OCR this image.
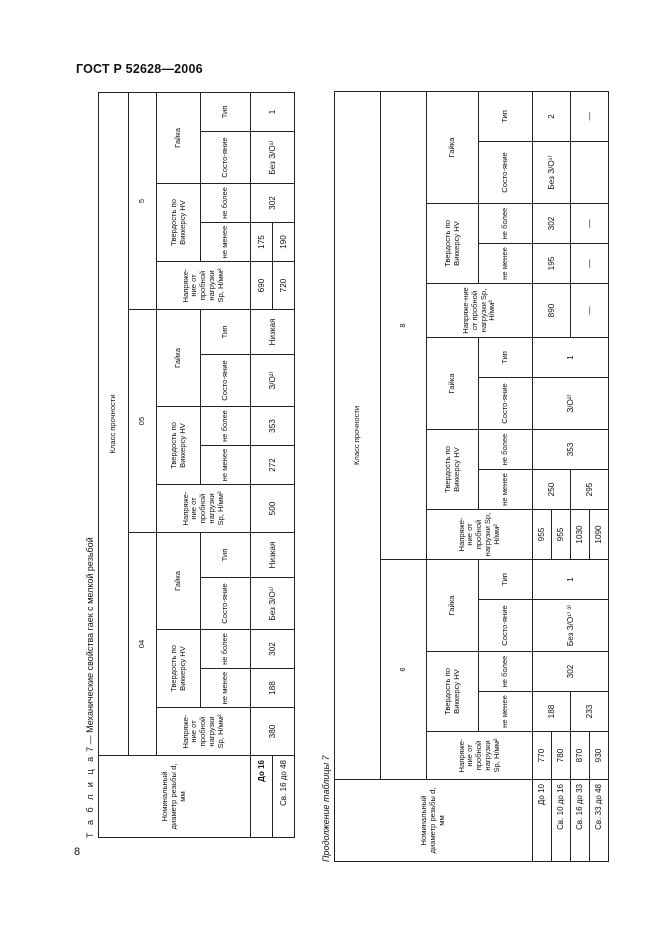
ГОСТ Р 52628—2006
Т а б л и ц а 7 — Механические свойства гаек с мелкой резьбой
Номинальный диаметр резьбы d, мм	Класс прочности														
	04					05					5				
	Напряже-ние от пробной нагрузки Sp, Н/мм²	Твердость по Виккерсу HV		Гайка		Напряже-ние от пробной нагрузки Sp, Н/мм²	Твердость по Виккерсу HV		Гайка		Напряже-ние от пробной нагрузки Sp, Н/мм²	Твердость по Виккерсу HV		Гайка	
		не менее	не более	Состо-яние	Тип		не менее	не более	Состо-яние	Тип		не менее	не более	Состо-яние	Тип
До 16	380	188	302	Без З/О¹⁾	Низкая	500	272	353	З/О²⁾	Низкая	690	175	302	Без З/О¹⁾	1
Св. 16 до 48											720	190			
Продолжение таблицы 7	Номинальный диаметр резьбы d, мм	Класс прочности														
	6					8									
	Напряже-ние от пробной нагрузки Sp, Н/мм²	Твердость по Виккерсу HV		Гайка		Напряже-ние от пробной нагрузки Sp, Н/мм²	Твердость по Виккерсу HV		Гайка		Напряже-ние от пробной нагрузки Sp, Н/мм²	Твердость по Виккерсу HV		Гайка	
		не менее	не более	Состо-яние	Тип		не менее	не более	Состо-яние	Тип		не менее	не более	Состо-яние	Тип
До 10	770	188	302	Без З/О¹⁾ ³⁾	1	955	250	353	З/О²⁾	1	890	195	302	Без З/О¹⁾	2
Св. 10 до 16	780					955									
Св. 16 до 33	870	233				1030	295				—	—	—		—
Св. 33 до 48	930					1090									
8
